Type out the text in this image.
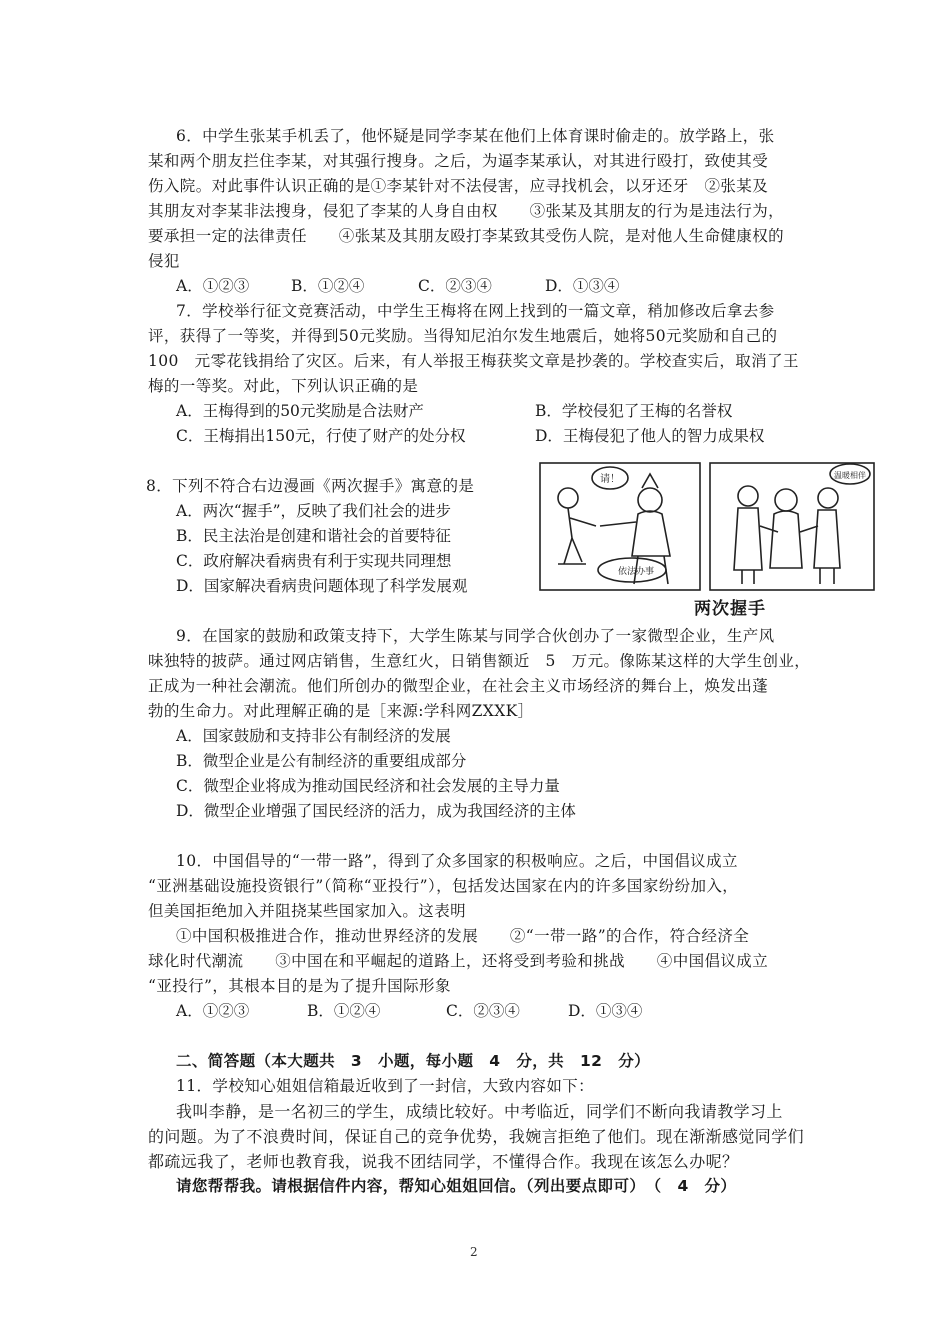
6．中学生张某手机丢了，他怀疑是同学李某在他们上体育课时偷走的。放学路上，张
某和两个朋友拦住李某，对其强行搜身。之后，为逼李某承认，对其进行殴打，致使其受
伤入院。对此事件认识正确的是①李某针对不法侵害，应寻找机会，以牙还牙　②张某及
其朋友对李某非法搜身，侵犯了李某的人身自由权　　③张某及其朋友的行为是违法行为，
要承担一定的法律责任　　④张某及其朋友殴打李某致其受伤人院，是对他人生命健康权的
侵犯
A．①②③	B．①②④	C．②③④	D．①③④
7．学校举行征文竞赛活动，中学生王梅将在网上找到的一篇文章，稍加修改后拿去参
评，获得了一等奖，并得到50元奖励。当得知尼泊尔发生地震后，她将50元奖励和自己的
100　元零花钱捐给了灾区。后来，有人举报王梅获奖文章是抄袭的。学校查实后，取消了王
梅的一等奖。对此，下列认识正确的是
A．王梅得到的50元奖励是合法财产	B．学校侵犯了王梅的名誉权
C．王梅捐出150元，行使了财产的处分权	D．王梅侵犯了他人的智力成果权
8．下列不符合右边漫画《两次握手》寓意的是
A．两次“握手”，反映了我们社会的进步
B．民主法治是创建和谐社会的首要特征
C．政府解决看病贵有利于实现共同理想
D．国家解决看病贵问题体现了科学发展观
请！
依法办事
温暖相伴
两次握手
9．在国家的鼓励和政策支持下，大学生陈某与同学合伙创办了一家微型企业，生产风
味独特的披萨。通过网店销售，生意红火，日销售额近　5　万元。像陈某这样的大学生创业，
正成为一种社会潮流。他们所创办的微型企业，在社会主义市场经济的舞台上，焕发出蓬
勃的生命力。对此理解正确的是［来源:学科网ZXXK］
A．国家鼓励和支持非公有制经济的发展
B．微型企业是公有制经济的重要组成部分
C．微型企业将成为推动国民经济和社会发展的主导力量
D．微型企业增强了国民经济的活力，成为我国经济的主体
10．中国倡导的“一带一路”，得到了众多国家的积极响应。之后，中国倡议成立
“亚洲基础设施投资银行”（简称“亚投行”），包括发达国家在内的许多国家纷纷加入，
但美国拒绝加入并阻挠某些国家加入。这表明
①中国积极推进合作，推动世界经济的发展　　②“一带一路”的合作，符合经济全
球化时代潮流　　③中国在和平崛起的道路上，还将受到考验和挑战　　④中国倡议成立
“亚投行”，其根本目的是为了提升国际形象
A．①②③	B．①②④	C．②③④	D．①③④
二、简答题（本大题共　3　小题，每小题　4　分，共　12　分）
11．学校知心姐姐信箱最近收到了一封信，大致内容如下：
我叫李静，是一名初三的学生，成绩比较好。中考临近，同学们不断向我请教学习上
的问题。为了不浪费时间，保证自己的竞争优势，我婉言拒绝了他们。现在渐渐感觉同学们
都疏远我了，老师也教育我，说我不团结同学，不懂得合作。我现在该怎么办呢？
请您帮帮我。请根据信件内容，帮知心姐姐回信。（列出要点即可）　（　4　分）
2
